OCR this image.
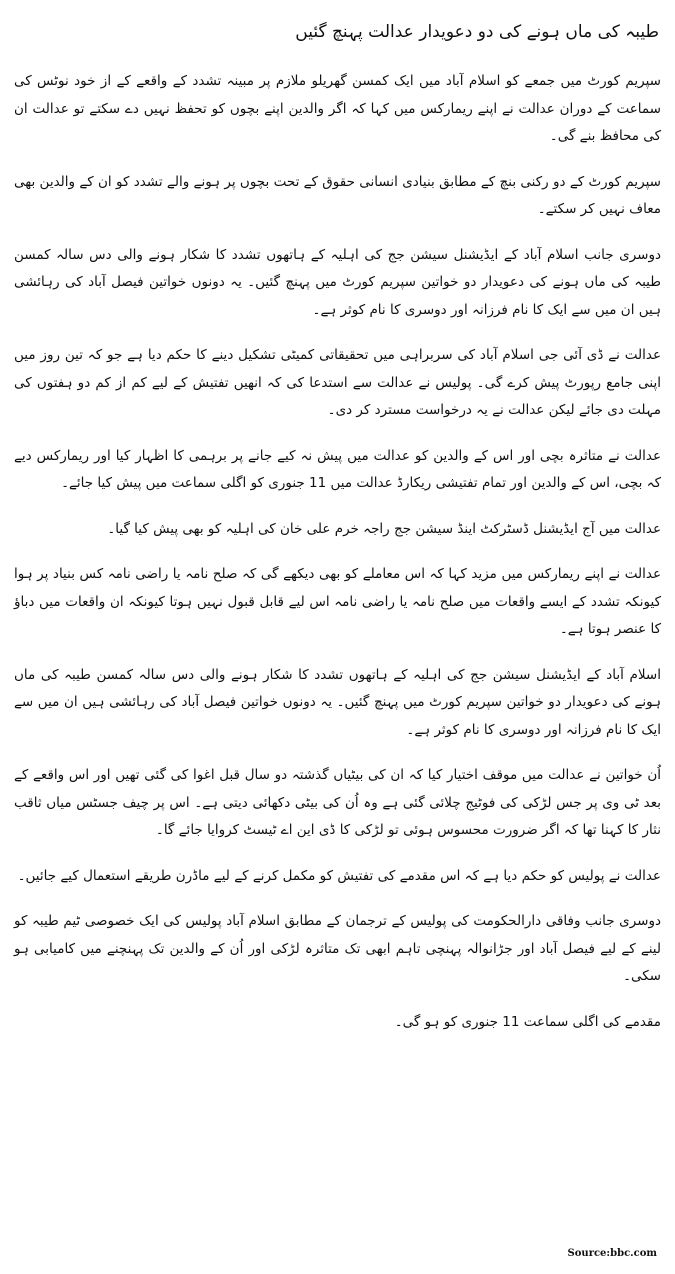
طیبہ کی ماں ہونے کی دو دعویدار عدالت پہنچ گئیں

سپریم کورٹ میں جمعے کو اسلام آباد میں ایک کمسن گھریلو ملازم پر مبینہ تشدد کے واقعے کے از خود نوٹس کی سماعت کے دوران عدالت نے اپنے ریمارکس میں کہا کہ اگر والدین اپنے بچوں کو تحفظ نہیں دے سکتے تو عدالت ان کی محافظ بنے گی۔

سپریم کورٹ کے دو رکنی بنچ کے مطابق بنیادی انسانی حقوق کے تحت بچوں پر ہونے والے تشدد کو ان کے والدین بھی معاف نہیں کر سکتے۔

دوسری جانب اسلام آباد کے ایڈیشنل سیشن جج کی اہلیہ کے ہاتھوں تشدد کا شکار ہونے والی دس سالہ کمسن طیبہ کی ماں ہونے کی دعویدار دو خواتین سپریم کورٹ میں پہنچ گئیں۔ یہ دونوں خواتین فیصل آباد کی رہائشی ہیں ان میں سے ایک کا نام فرزانہ اور دوسری کا نام کوثر ہے۔

عدالت نے ڈی آئی جی اسلام آباد کی سربراہی میں تحقیقاتی کمیٹی تشکیل دینے کا حکم دیا ہے جو کہ تین روز میں اپنی جامع رپورٹ پیش کرے گی۔ پولیس نے عدالت سے استدعا کی کہ انھیں تفتیش کے لیے کم از کم دو ہفتوں کی مہلت دی جائے لیکن عدالت نے یہ درخواست مسترد کر دی۔

عدالت نے متاثرہ بچی اور اس کے والدین کو عدالت میں پیش نہ کیے جانے پر برہمی کا اظہار کیا اور ریمارکس دیے کہ بچی، اس کے والدین اور تمام تفتیشی ریکارڈ عدالت میں 11 جنوری کو اگلی سماعت میں پیش کیا جائے۔

عدالت میں آج ایڈیشنل ڈسٹرکٹ اینڈ سیشن جج راجہ خرم علی خان کی اہلیہ کو بھی پیش کیا گیا۔

عدالت نے اپنے ریمارکس میں مزید کہا کہ اس معاملے کو بھی دیکھے گی کہ صلح نامہ یا راضی نامہ کس بنیاد پر ہوا کیونکہ تشدد کے ایسے واقعات میں صلح نامہ یا راضی نامہ اس لیے قابل قبول نہیں ہوتا کیونکہ ان واقعات میں دباؤ کا عنصر ہوتا ہے۔

اسلام آباد کے ایڈیشنل سیشن جج کی اہلیہ کے ہاتھوں تشدد کا شکار ہونے والی دس سالہ کمسن طیبہ کی ماں ہونے کی دعویدار دو خواتین سپریم کورٹ میں پہنچ گئیں۔ یہ دونوں خواتین فیصل آباد کی رہائشی ہیں ان میں سے ایک کا نام فرزانہ اور دوسری کا نام کوثر ہے۔

اُن خواتین نے عدالت میں موقف اختیار کیا کہ ان کی بیٹیاں گذشتہ دو سال قبل اغوا کی گئی تھیں اور اس واقعے کے بعد ٹی وی پر جس لڑکی کی فوٹیج چلائی گئی ہے وہ اُن کی بیٹی دکھائی دیتی ہے۔ اس پر چیف جسٹس میاں ثاقب نثار کا کہنا تھا کہ اگر ضرورت محسوس ہوئی تو لڑکی کا ڈی این اے ٹیسٹ کروایا جائے گا۔

عدالت نے پولیس کو حکم دیا ہے کہ اس مقدمے کی تفتیش کو مکمل کرنے کے لیے ماڈرن طریقے استعمال کیے جائیں۔

دوسری جانب وفاقی دارالحکومت کی پولیس کے ترجمان کے مطابق اسلام آباد پولیس کی ایک خصوصی ٹیم طیبہ کو لینے کے لیے فیصل آباد اور جڑانوالہ پہنچی تاہم ابھی تک متاثرہ لڑکی اور اُن کے والدین تک پہنچنے میں کامیابی ہو سکی۔

مقدمے کی اگلی سماعت 11 جنوری کو ہو گی۔

Source:bbc.com
